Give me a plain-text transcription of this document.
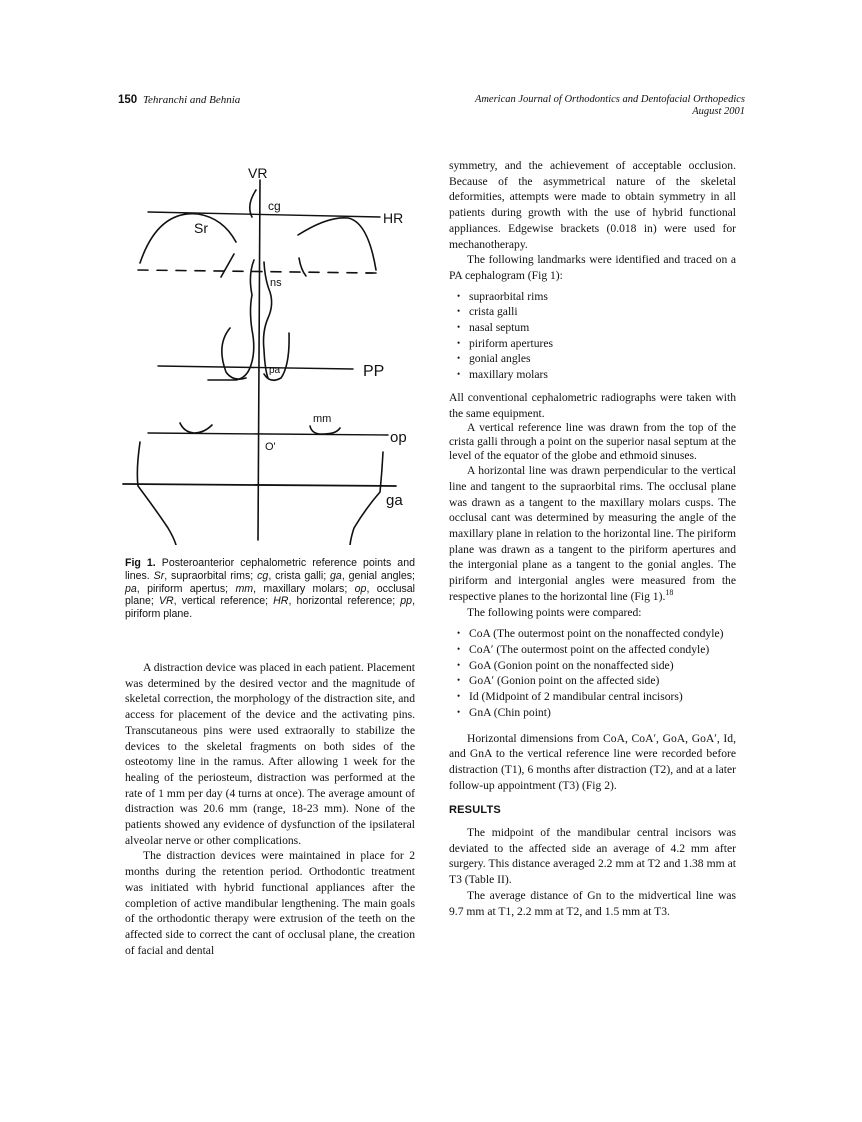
150 Tehranchi and Behnia	American Journal of Orthodontics and Dentofacial Orthopedics
August 2001
VR
cg
HR
Sr
ns
pa	PP
mm
op
O'
ga
Fig 1. Posteroanterior cephalometric reference points and lines. Sr, supraorbital rims; cg, crista galli; ga, genial angles; pa, piriform apertus; mm, maxillary molars; op, occlusal plane; VR, vertical reference; HR, horizontal reference; pp, piriform plane.

A distraction device was placed in each patient. Placement was determined by the desired vector and the magnitude of skeletal correction, the morphology of the distraction site, and access for placement of the device and the activating pins. Transcutaneous pins were used extraorally to stabilize the devices to the skeletal fragments on both sides of the osteotomy line in the ramus. After allowing 1 week for the healing of the periosteum, distraction was performed at the rate of 1 mm per day (4 turns at once). The average amount of distraction was 20.6 mm (range, 18-23 mm). None of the patients showed any evidence of dysfunction of the ipsilateral alveolar nerve or other complications.

The distraction devices were maintained in place for 2 months during the retention period. Orthodontic treatment was initiated with hybrid functional appliances after the completion of active mandibular lengthening. The main goals of the orthodontic therapy were extrusion of the teeth on the affected side to correct the cant of occlusal plane, the creation of facial and dental

symmetry, and the achievement of acceptable occlusion. Because of the asymmetrical nature of the skeletal deformities, attempts were made to obtain symmetry in all patients during growth with the use of hybrid functional appliances. Edgewise brackets (0.018 in) were used for mechanotherapy.

The following landmarks were identified and traced on a PA cephalogram (Fig 1):

• supraorbital rims
• crista galli
• nasal septum
• piriform apertures
• gonial angles
• maxillary molars

All conventional cephalometric radiographs were taken with the same equipment.

A vertical reference line was drawn from the top of the crista galli through a point on the superior nasal septum at the level of the equator of the globe and ethmoid sinuses.

A horizontal line was drawn perpendicular to the vertical line and tangent to the supraorbital rims. The occlusal plane was drawn as a tangent to the maxillary molars cusps. The occlusal cant was determined by measuring the angle of the maxillary plane in relation to the horizontal line. The piriform plane was drawn as a tangent to the piriform apertures and the intergonial plane as a tangent to the gonial angles. The piriform and intergonial angles were measured from the respective planes to the horizontal line (Fig 1).$^{18}$

The following points were compared:

• CoA (The outermost point on the nonaffected condyle)
• CoAʹ (The outermost point on the affected condyle)
• GoA (Gonion point on the nonaffected side)
• GoAʹ (Gonion point on the affected side)
• Id (Midpoint of 2 mandibular central incisors)
• GnA (Chin point)

Horizontal dimensions from CoA, CoAʹ, GoA, GoAʹ, Id, and GnA to the vertical reference line were recorded before distraction (T1), 6 months after distraction (T2), and at a later follow-up appointment (T3) (Fig 2).

RESULTS

The midpoint of the mandibular central incisors was deviated to the affected side an average of 4.2 mm after surgery. This distance averaged 2.2 mm at T2 and 1.38 mm at T3 (Table II).

The average distance of Gn to the midvertical line was 9.7 mm at T1, 2.2 mm at T2, and 1.5 mm at T3.
